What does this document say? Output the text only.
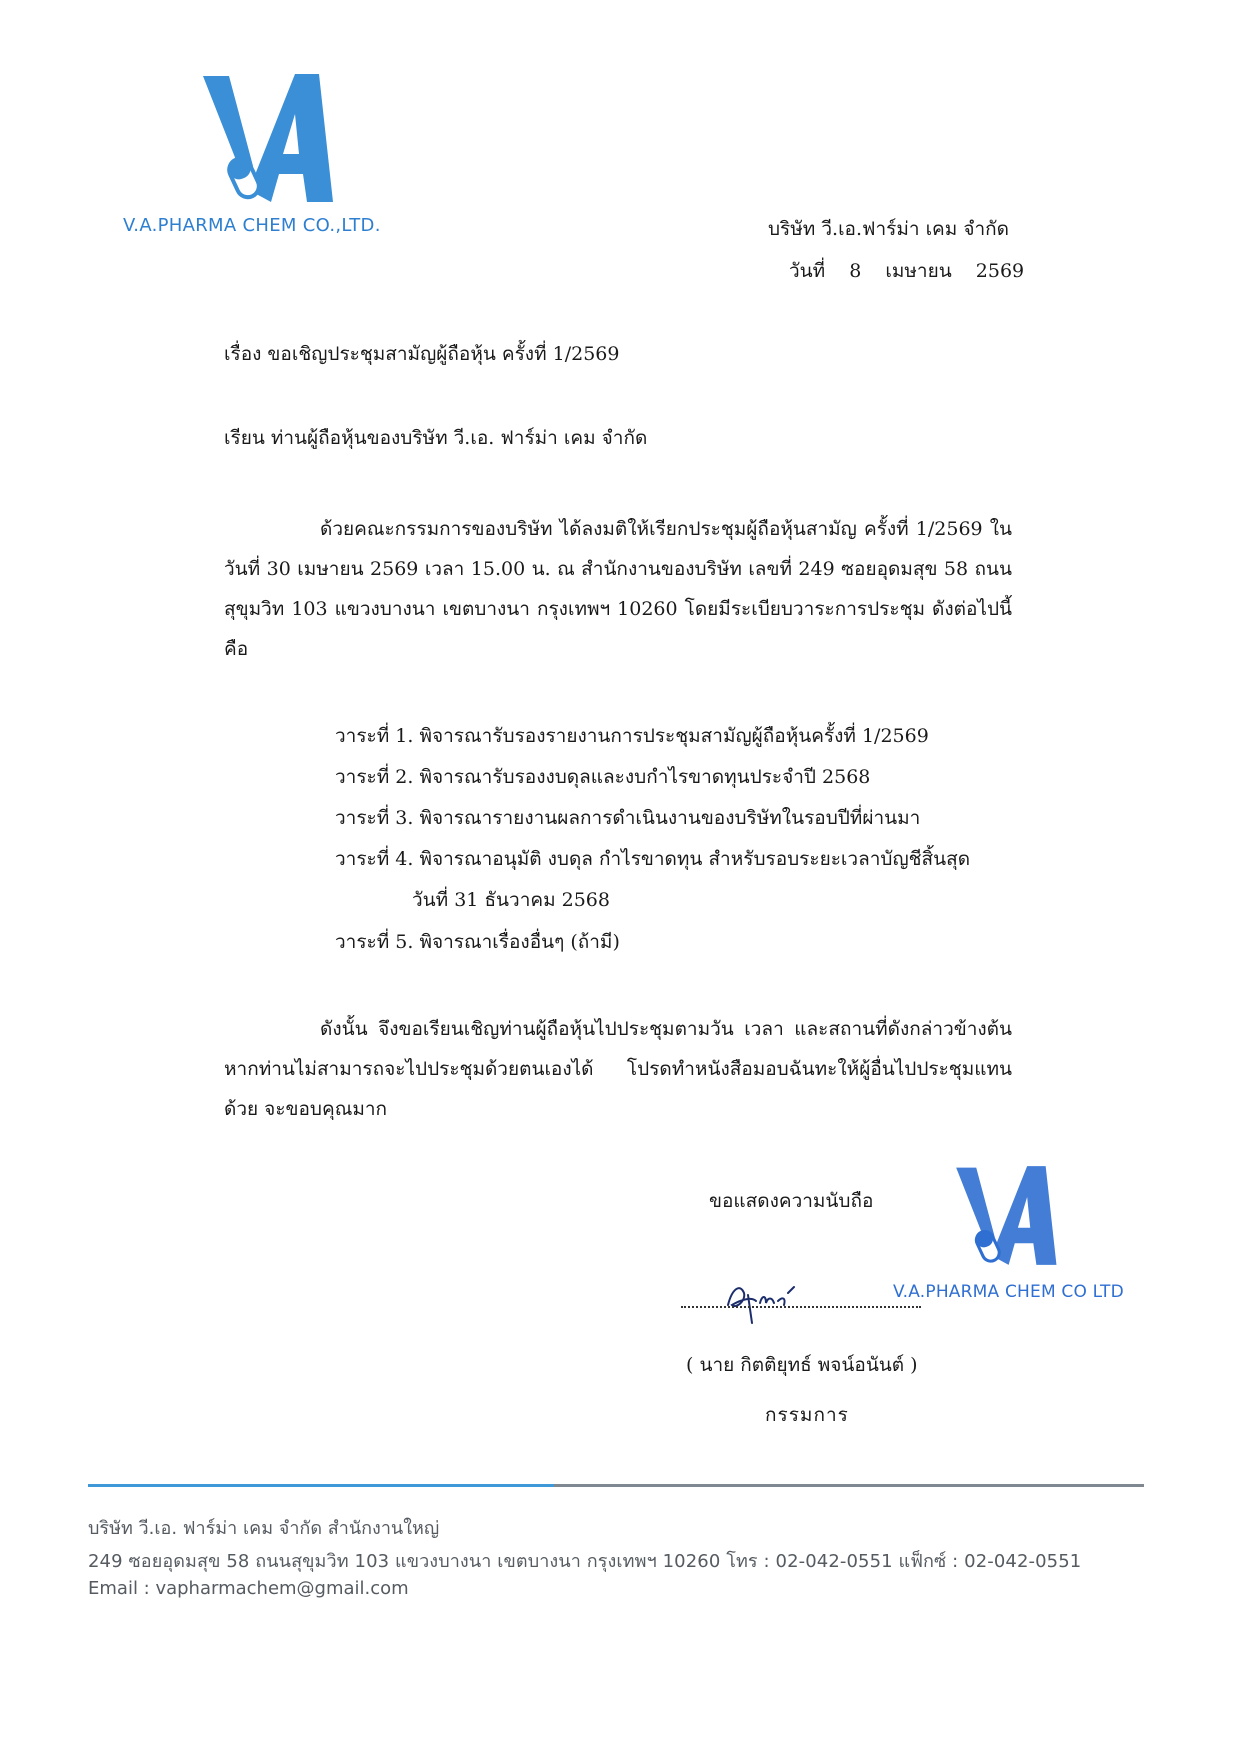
V.A.PHARMA CHEM CO.,LTD.	บริษัท วี.เอ.ฟาร์ม่า เคม จำกัด
วันที่ 8 เมษายน 2569
เรื่อง ขอเชิญประชุมสามัญผู้ถือหุ้น ครั้งที่ 1/2569
เรียน ท่านผู้ถือหุ้นของบริษัท วี.เอ. ฟาร์ม่า เคม จำกัด
ด้วยคณะกรรมการของบริษัท ได้ลงมติให้เรียกประชุมผู้ถือหุ้นสามัญ ครั้งที่ 1/2569 ในวันที่ 30 เมษายน 2569 เวลา 15.00 น. ณ สำนักงานของบริษัท เลขที่ 249 ซอยอุดมสุข 58 ถนนสุขุมวิท 103 แขวงบางนา เขตบางนา กรุงเทพฯ 10260 โดยมีระเบียบวาระการประชุม ดังต่อไปนี้ คือ
วาระที่ 1. พิจารณารับรองรายงานการประชุมสามัญผู้ถือหุ้นครั้งที่ 1/2569
วาระที่ 2. พิจารณารับรองงบดุลและงบกำไรขาดทุนประจำปี 2568
วาระที่ 3. พิจารณารายงานผลการดำเนินงานของบริษัทในรอบปีที่ผ่านมา
วาระที่ 4. พิจารณาอนุมัติ งบดุล กำไรขาดทุน สำหรับรอบระยะเวลาบัญชีสิ้นสุด
วันที่ 31 ธันวาคม 2568
วาระที่ 5. พิจารณาเรื่องอื่นๆ (ถ้ามี)
ดังนั้น จึงขอเรียนเชิญท่านผู้ถือหุ้นไปประชุมตามวัน เวลา และสถานที่ดังกล่าวข้างต้น หากท่านไม่สามารถจะไปประชุมด้วยตนเองได้ โปรดทำหนังสือมอบฉันทะให้ผู้อื่นไปประชุมแทน ด้วย จะขอบคุณมาก
ขอแสดงความนับถือ
( นาย กิตติยุทธ์ พจน์อนันต์ )
กรรมการ
V.A.PHARMA CHEM CO LTD
บริษัท วี.เอ. ฟาร์ม่า เคม จำกัด สำนักงานใหญ่
249 ซอยอุดมสุข 58 ถนนสุขุมวิท 103 แขวงบางนา เขตบางนา กรุงเทพฯ 10260 โทร : 02-042-0551 แฟ็กซ์ : 02-042-0551
Email : vapharmachem@gmail.com
